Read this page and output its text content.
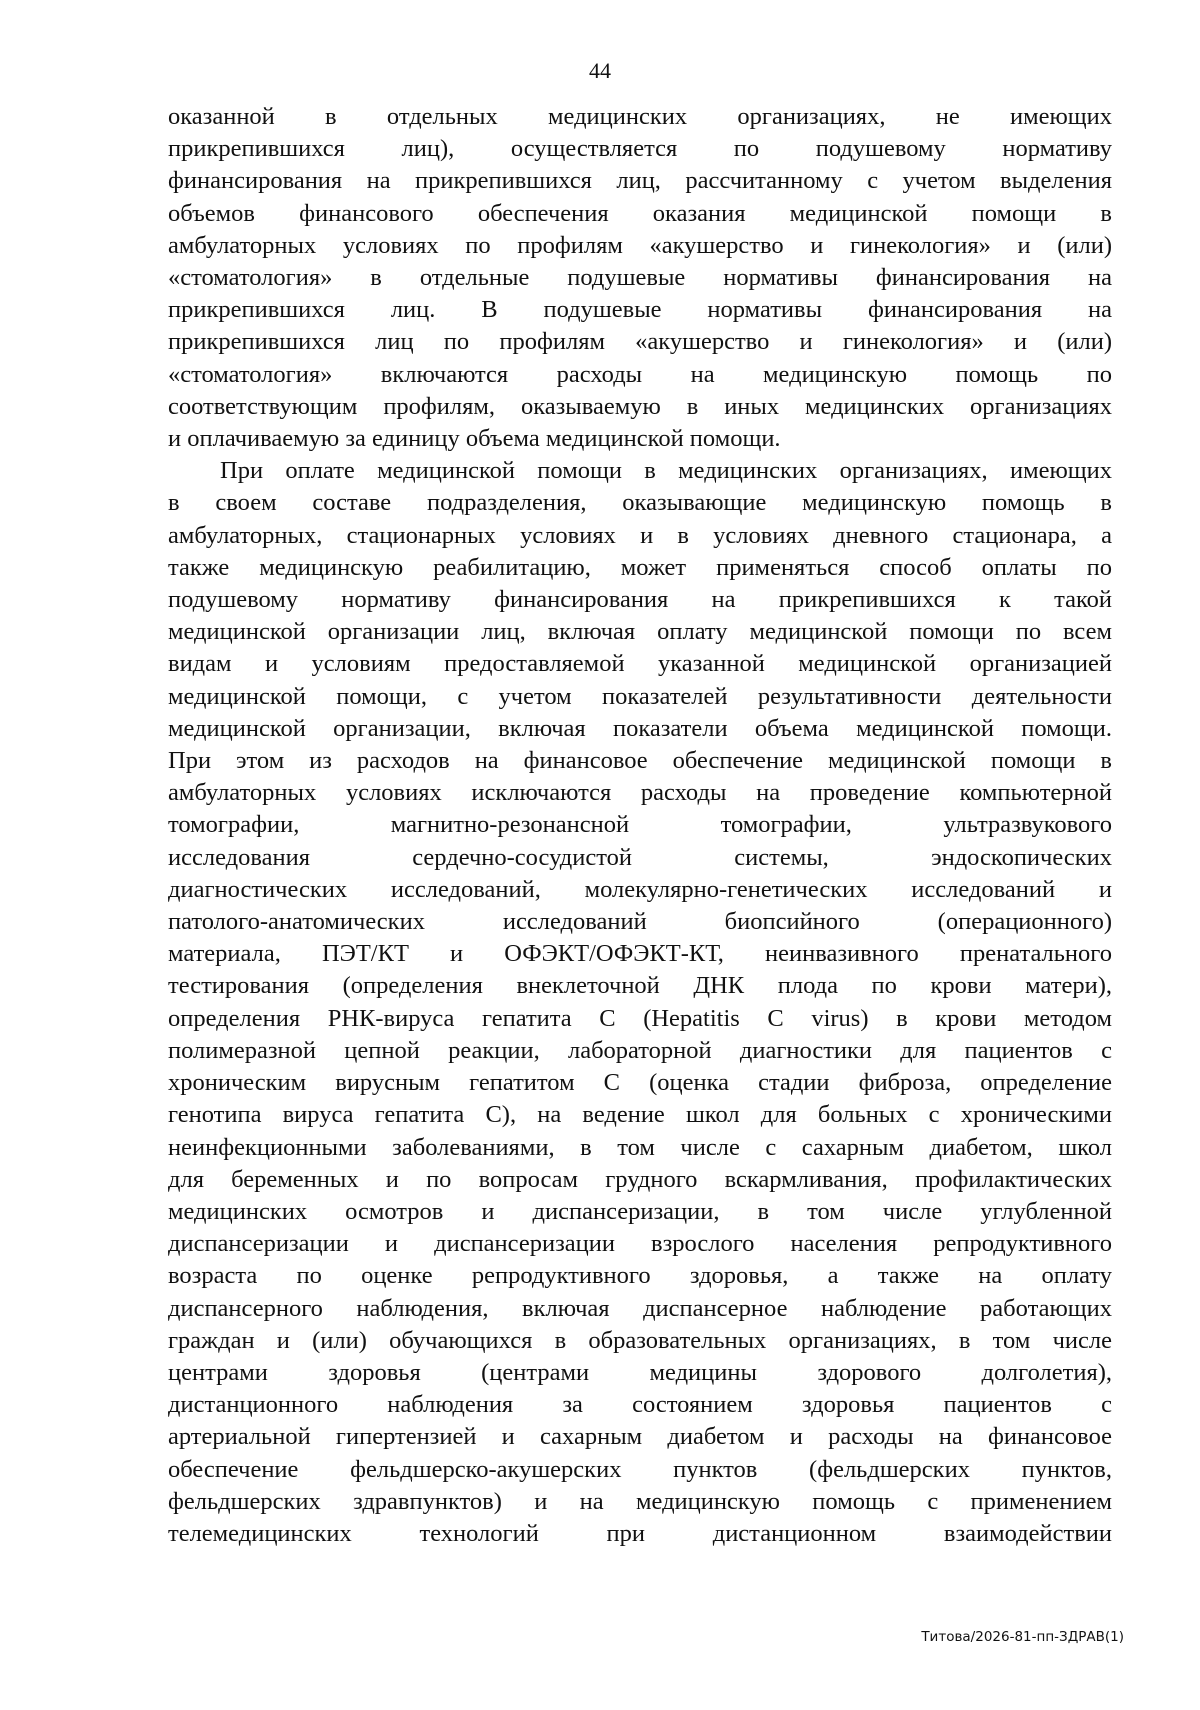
44
оказанной в отдельных медицинских организациях, не имеющих
прикрепившихся лиц), осуществляется по подушевому нормативу
финансирования на прикрепившихся лиц, рассчитанному с учетом выделения
объемов финансового обеспечения оказания медицинской помощи в
амбулаторных условиях по профилям «акушерство и гинекология» и (или)
«стоматология» в отдельные подушевые нормативы финансирования на
прикрепившихся лиц. В подушевые нормативы финансирования на
прикрепившихся лиц по профилям «акушерство и гинекология» и (или)
«стоматология» включаются расходы на медицинскую помощь по
соответствующим профилям, оказываемую в иных медицинских организациях
и оплачиваемую за единицу объема медицинской помощи.
При оплате медицинской помощи в медицинских организациях, имеющих
в своем составе подразделения, оказывающие медицинскую помощь в
амбулаторных, стационарных условиях и в условиях дневного стационара, а
также медицинскую реабилитацию, может применяться способ оплаты по
подушевому нормативу финансирования на прикрепившихся к такой
медицинской организации лиц, включая оплату медицинской помощи по всем
видам и условиям предоставляемой указанной медицинской организацией
медицинской помощи, с учетом показателей результативности деятельности
медицинской организации, включая показатели объема медицинской помощи.
При этом из расходов на финансовое обеспечение медицинской помощи в
амбулаторных условиях исключаются расходы на проведение компьютерной
томографии, магнитно-резонансной томографии, ультразвукового
исследования сердечно-сосудистой системы, эндоскопических
диагностических исследований, молекулярно-генетических исследований и
патолого-анатомических исследований биопсийного (операционного)
материала, ПЭТ/КТ и ОФЭКТ/ОФЭКТ-КТ, неинвазивного пренатального
тестирования (определения внеклеточной ДНК плода по крови матери),
определения РНК-вируса гепатита С (Hepatitis C virus) в крови методом
полимеразной цепной реакции, лабораторной диагностики для пациентов с
хроническим вирусным гепатитом С (оценка стадии фиброза, определение
генотипа вируса гепатита С), на ведение школ для больных с хроническими
неинфекционными заболеваниями, в том числе с сахарным диабетом, школ
для беременных и по вопросам грудного вскармливания, профилактических
медицинских осмотров и диспансеризации, в том числе углубленной
диспансеризации и диспансеризации взрослого населения репродуктивного
возраста по оценке репродуктивного здоровья, а также на оплату
диспансерного наблюдения, включая диспансерное наблюдение работающих
граждан и (или) обучающихся в образовательных организациях, в том числе
центрами здоровья (центрами медицины здорового долголетия),
дистанционного наблюдения за состоянием здоровья пациентов с
артериальной гипертензией и сахарным диабетом и расходы на финансовое
обеспечение фельдшерско-акушерских пунктов (фельдшерских пунктов,
фельдшерских здравпунктов) и на медицинскую помощь с применением
телемедицинских технологий при дистанционном взаимодействии
Титова/2026-81-пп-ЗДРАВ(1)
